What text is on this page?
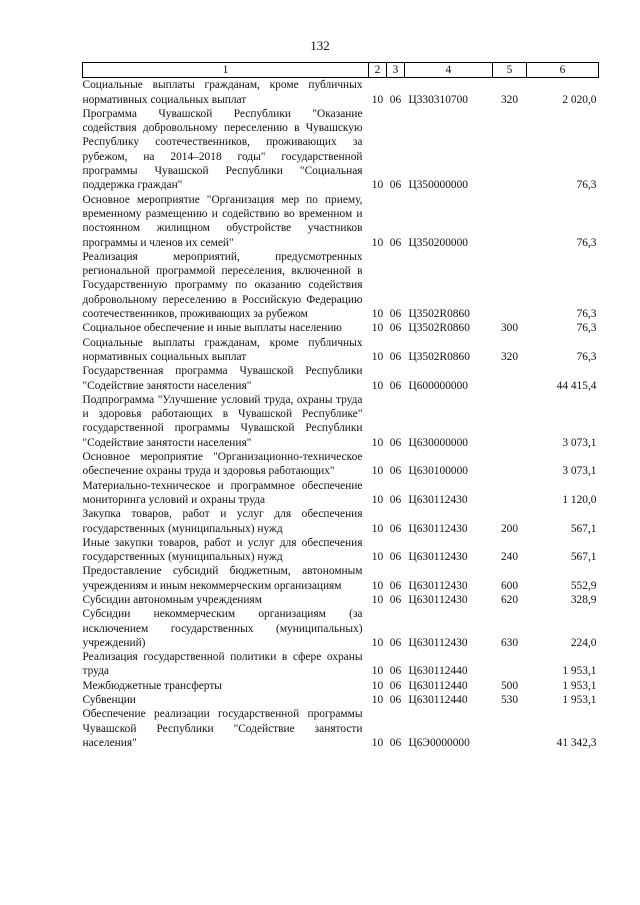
132
1	2	3	4	5	6
Социальные выплаты гражданам, кроме публичных нормативных социальных выплат	10	06	Ц330310700	320	2 020,0
Программа Чувашской Республики "Оказание содействия добровольному переселению в Чувашскую Республику соотечественников, проживающих за рубежом, на 2014–2018 годы" государственной программы Чувашской Республики "Социальная поддержка граждан"	10	06	Ц350000000		76,3
Основное мероприятие "Организация мер по приему, временному размещению и содействию во временном и постоянном жилищном обустройстве участников программы и членов их семей"	10	06	Ц350200000		76,3
Реализация мероприятий, предусмотренных региональной программой переселения, включенной в Государственную программу по оказанию содействия добровольному переселению в Российскую Федерацию соотечественников, проживающих за рубежом	10	06	Ц3502R0860		76,3
Социальное обеспечение и иные выплаты населению	10	06	Ц3502R0860	300	76,3
Социальные выплаты гражданам, кроме публичных нормативных социальных выплат	10	06	Ц3502R0860	320	76,3
Государственная программа Чувашской Республики "Содействие занятости населения"	10	06	Ц600000000		44 415,4
Подпрограмма "Улучшение условий труда, охраны труда и здоровья работающих в Чувашской Республике" государственной программы Чувашской Республики "Содействие занятости населения"	10	06	Ц630000000		3 073,1
Основное мероприятие "Организационно-техническое обеспечение охраны труда и здоровья работающих"	10	06	Ц630100000		3 073,1
Материально-техническое и программное обеспечение мониторинга условий и охраны труда	10	06	Ц630112430		1 120,0
Закупка товаров, работ и услуг для обеспечения государственных (муниципальных) нужд	10	06	Ц630112430	200	567,1
Иные закупки товаров, работ и услуг для обеспечения государственных (муниципальных) нужд	10	06	Ц630112430	240	567,1
Предоставление субсидий бюджетным, автономным учреждениям и иным некоммерческим организациям	10	06	Ц630112430	600	552,9
Субсидии автономным учреждениям	10	06	Ц630112430	620	328,9
Субсидии некоммерческим организациям (за исключением государственных (муниципальных) учреждений)	10	06	Ц630112430	630	224,0
Реализация государственной политики в сфере охраны труда	10	06	Ц630112440		1 953,1
Межбюджетные трансферты	10	06	Ц630112440	500	1 953,1
Субвенции	10	06	Ц630112440	530	1 953,1
Обеспечение реализации государственной программы Чувашской Республики "Содействие занятости населения"	10	06	Ц6Э0000000		41 342,3
